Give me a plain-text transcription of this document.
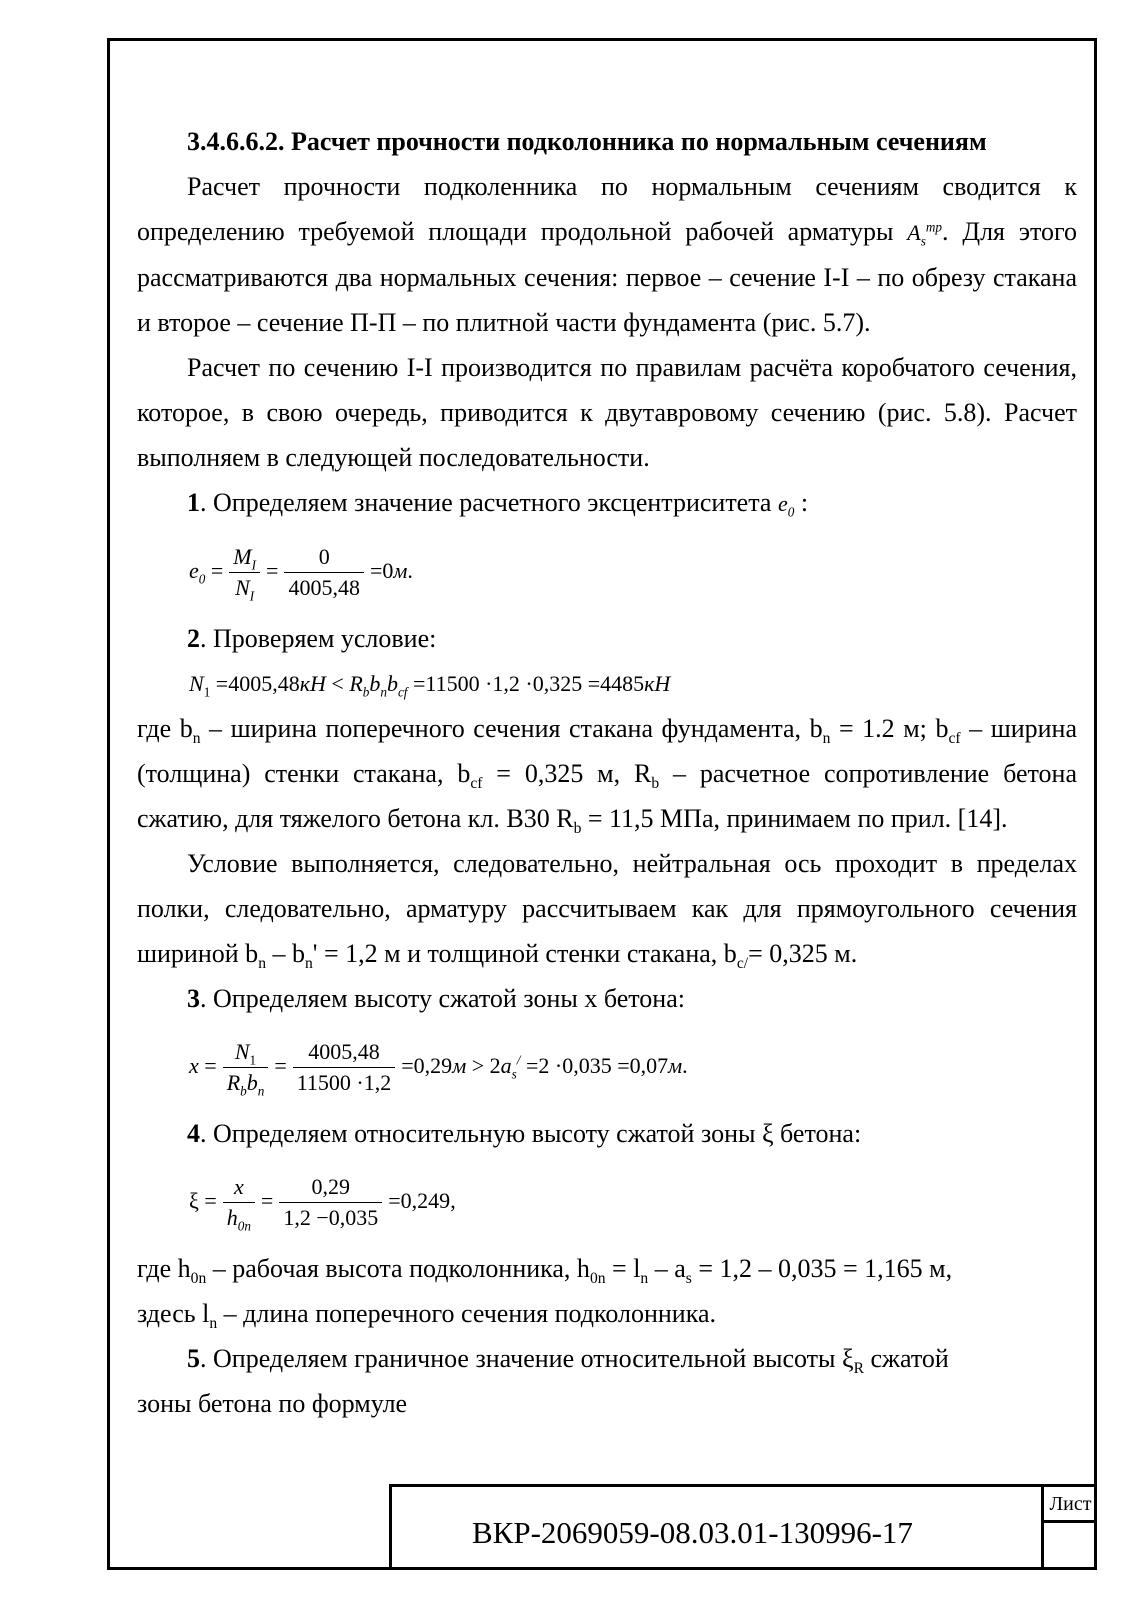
3.4.6.6.2. Расчет прочности подколонника по нормальным сечениям

Расчет прочности подколенника по нормальным сечениям сводится к определению требуемой площади продольной рабочей арматуры $A_s^{тр}$. Для этого рассматриваются два нормальных сечения: первое – сечение I-I – по обрезу стакана и второе – сечение П-П – по плитной части фундамента (рис. 5.7).

Расчет по сечению I-I производится по правилам расчёта коробчатого сечения, которое, в свою очередь, приводится к двутавровому сечению (рис. 5.8). Расчет выполняем в следующей последовательности.

1. Определяем значение расчетного эксцентриситета $e_0$ :

$e_0 = \frac{M_I}{N_I} = \frac{0}{4005,48} =0м$.

2. Проверяем условие:

$N_1 =4005,48кН < R_bb_nb_{cf} =11500 \cdot 1,2 \cdot 0,325 =4485кН$

где $b_n$ – ширина поперечного сечения стакана фундамента, $b_n = 1.2$ м; $b_{cf}$ – ширина (толщина) стенки стакана, $b_{cf} = 0,325$ м, $R_b$ – расчетное сопротивление бетона сжатию, для тяжелого бетона кл. В30 $R_b = 11,5$ МПа, принимаем по прил. [14].

Условие выполняется, следовательно, нейтральная ось проходит в пределах полки, следовательно, арматуру рассчитываем как для прямоугольного сечения шириной $b_n - b_n' = 1,2$ м и толщиной стенки стакана, $b_{c/}= 0,325$ м.

3. Определяем высоту сжатой зоны х бетона:

$x = \frac{N_1}{R_bb_n} = \frac{4005,48}{11500 \cdot 1,2} =0,29м > 2a_s^/ =2 \cdot 0,035 =0,07м$.

4. Определяем относительную высоту сжатой зоны ξ бетона:

$\xi = \frac{x}{h_{0n}} = \frac{0,29}{1,2 -0,035} =0,249$,

где $h_{0n}$ – рабочая высота подколонника, $h_{0n} = l_n - a_s = 1,2 - 0,035 = 1,165$ м,

здесь $l_n$ – длина поперечного сечения подколонника.

5. Определяем граничное значение относительной высоты $\xi_R$ сжатой

зоны бетона по формуле

ВКР-2069059-08.03.01-130996-17
Лист
